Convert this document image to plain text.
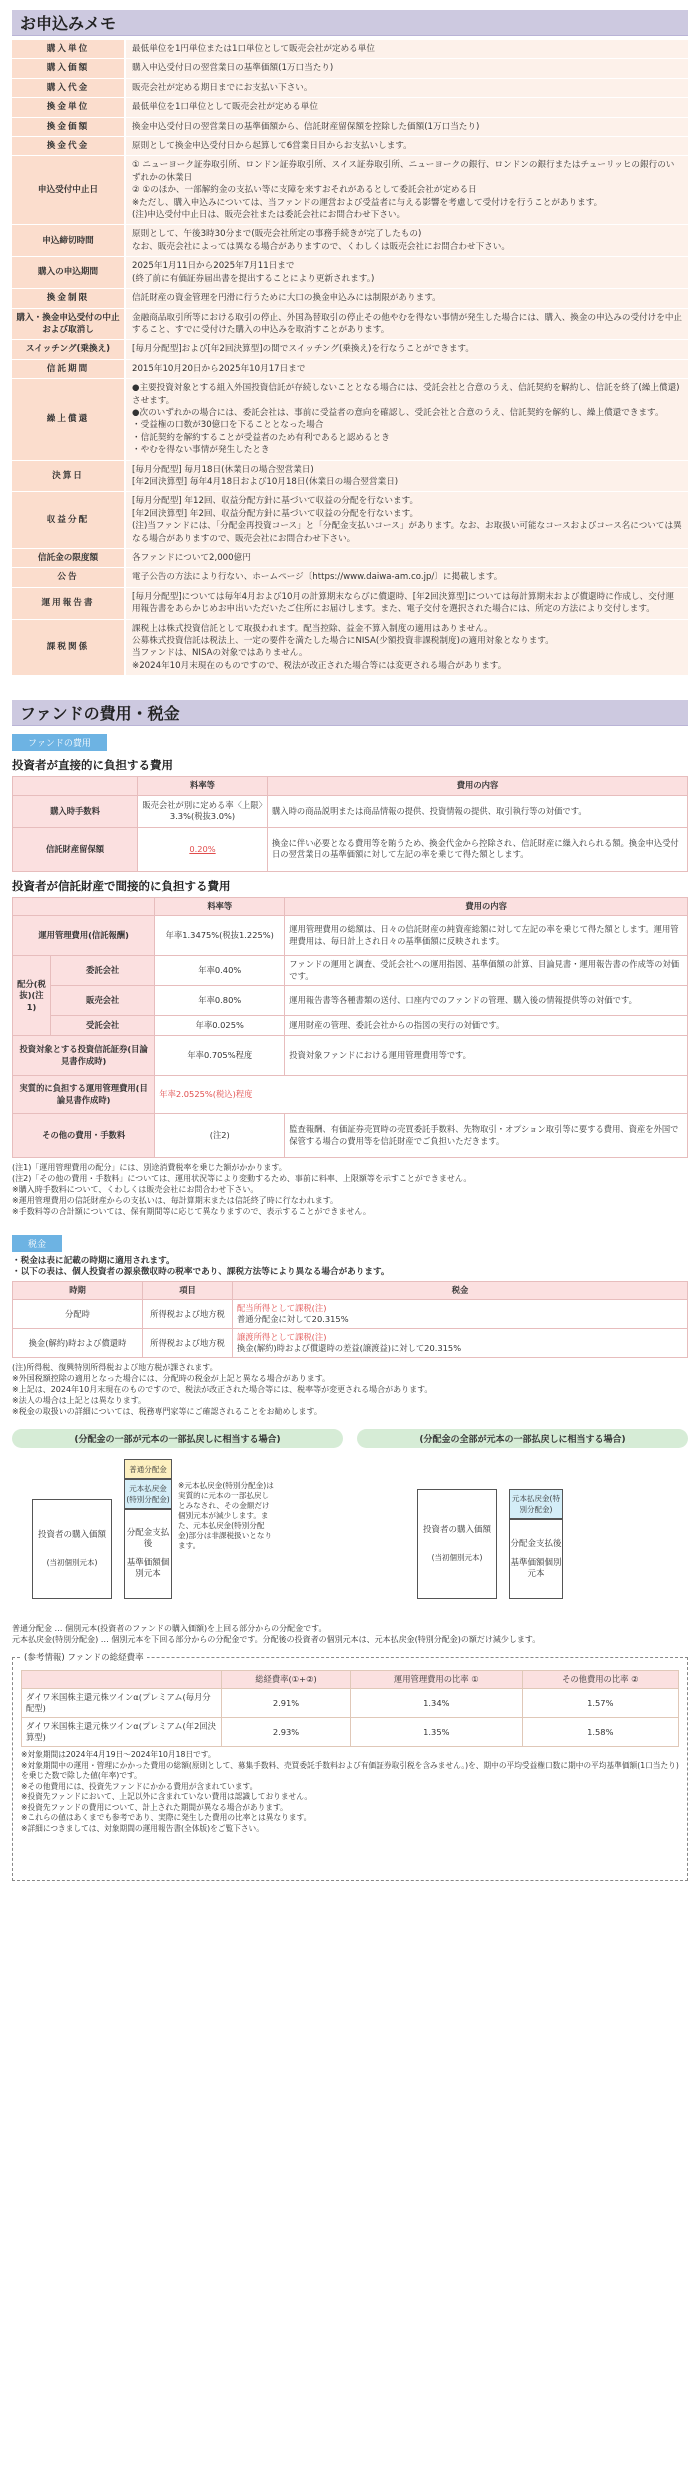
お申込みメモ
購入単位	最低単位を1円単位または1口単位として販売会社が定める単位
購入価額	購入申込受付日の翌営業日の基準価額(1万口当たり)
購入代金	販売会社が定める期日までにお支払い下さい。
換金単位	最低単位を1口単位として販売会社が定める単位
換金価額	換金申込受付日の翌営業日の基準価額から、信託財産留保額を控除した価額(1万口当たり)
換金代金	原則として換金申込受付日から起算して6営業日目からお支払いします。
申込受付中止日	① ニューヨーク証券取引所、ロンドン証券取引所、スイス証券取引所、ニューヨークの銀行、ロンドンの銀行またはチューリッヒの銀行のいずれかの休業日
② ①のほか、一部解約金の支払い等に支障を来すおそれがあるとして委託会社が定める日
※ただし、購入申込みについては、当ファンドの運営および受益者に与える影響を考慮して受付けを行うことがあります。
(注)申込受付中止日は、販売会社または委託会社にお問合わせ下さい。
申込締切時間	原則として、午後3時30分まで(販売会社所定の事務手続きが完了したもの)
なお、販売会社によっては異なる場合がありますので、くわしくは販売会社にお問合わせ下さい。
購入の申込期間	2025年1月11日から2025年7月11日まで
(終了前に有価証券届出書を提出することにより更新されます。)
換金制限	信託財産の資金管理を円滑に行うために大口の換金申込みには制限があります。
購入・換金申込受付の中止および取消し	金融商品取引所等における取引の停止、外国為替取引の停止その他やむを得ない事情が発生した場合には、購入、換金の申込みの受付けを中止すること、すでに受付けた購入の申込みを取消すことがあります。
スイッチング(乗換え)	[毎月分配型]および[年2回決算型]の間でスイッチング(乗換え)を行なうことができます。
信託期間	2015年10月20日から2025年10月17日まで
繰上償還	●主要投資対象とする組入外国投資信託が存続しないこととなる場合には、受託会社と合意のうえ、信託契約を解約し、信託を終了(繰上償還)させます。
●次のいずれかの場合には、委託会社は、事前に受益者の意向を確認し、受託会社と合意のうえ、信託契約を解約し、繰上償還できます。
・受益権の口数が30億口を下ることとなった場合
・信託契約を解約することが受益者のため有利であると認めるとき
・やむを得ない事情が発生したとき
決算日	[毎月分配型] 毎月18日(休業日の場合翌営業日)
[年2回決算型] 毎年4月18日および10月18日(休業日の場合翌営業日)
収益分配	[毎月分配型] 年12回、収益分配方針に基づいて収益の分配を行ないます。
[年2回決算型] 年2回、収益分配方針に基づいて収益の分配を行ないます。
(注)当ファンドには、「分配金再投資コース」と「分配金支払いコース」があります。なお、お取扱い可能なコースおよびコース名については異なる場合がありますので、販売会社にお問合わせ下さい。
信託金の限度額	各ファンドについて2,000億円
公告	電子公告の方法により行ない、ホームページ〔https://www.daiwa-am.co.jp/〕に掲載します。
運用報告書	[毎月分配型]については毎年4月および10月の計算期末ならびに償還時、[年2回決算型]については毎計算期末および償還時に作成し、交付運用報告書をあらかじめお申出いただいたご住所にお届けします。また、電子交付を選択された場合には、所定の方法により交付します。
課税関係	課税上は株式投資信託として取扱われます。配当控除、益金不算入制度の適用はありません。
公募株式投資信託は税法上、一定の要件を満たした場合にNISA(少額投資非課税制度)の適用対象となります。
当ファンドは、NISAの対象ではありません。
※2024年10月末現在のものですので、税法が改正された場合等には変更される場合があります。
ファンドの費用・税金
ファンドの費用
投資者が直接的に負担する費用
	料率等	費用の内容
購入時手数料	販売会社が別に定める率〈上限〉3.3%(税抜3.0%)	購入時の商品説明または商品情報の提供、投資情報の提供、取引執行等の対価です。
信託財産留保額	0.20%	換金に伴い必要となる費用等を賄うため、換金代金から控除され、信託財産に繰入れられる額。換金申込受付日の翌営業日の基準価額に対して左記の率を乗じて得た額とします。
投資者が信託財産で間接的に負担する費用
		料率等	費用の内容
運用管理費用(信託報酬)		年率1.3475%(税抜1.225%)	運用管理費用の総額は、日々の信託財産の純資産総額に対して左記の率を乗じて得た額とします。運用管理費用は、毎日計上され日々の基準価額に反映されます。
配分(税抜)(注1)	委託会社	年率0.40%	ファンドの運用と調査、受託会社への運用指図、基準価額の計算、目論見書・運用報告書の作成等の対価です。
	販売会社	年率0.80%	運用報告書等各種書類の送付、口座内でのファンドの管理、購入後の情報提供等の対価です。
	受託会社	年率0.025%	運用財産の管理、委託会社からの指図の実行の対価です。
投資対象とする投資信託証券(目論見書作成時)		年率0.705%程度	投資対象ファンドにおける運用管理費用等です。
実質的に負担する運用管理費用(目論見書作成時)		年率2.0525%(税込)程度	
その他の費用・手数料		(注2)	監査報酬、有価証券売買時の売買委託手数料、先物取引・オプション取引等に要する費用、資産を外国で保管する場合の費用等を信託財産でご負担いただきます。
(注1)「運用管理費用の配分」には、別途消費税率を乗じた額がかかります。
(注2)「その他の費用・手数料」については、運用状況等により変動するため、事前に料率、上限額等を示すことができません。
※購入時手数料について、くわしくは販売会社にお問合わせ下さい。
※運用管理費用の信託財産からの支払いは、毎計算期末または信託終了時に行なわれます。
※手数料等の合計額については、保有期間等に応じて異なりますので、表示することができません。
税金
・税金は表に記載の時期に適用されます。
・以下の表は、個人投資者の源泉徴収時の税率であり、課税方法等により異なる場合があります。
時期	項目	税金
分配時	所得税および地方税	配当所得として課税(注)
普通分配金に対して20.315%

換金(解約)時および償還時	所得税および地方税	譲渡所得として課税(注)
換金(解約)時および償還時の差益(譲渡益)に対して20.315%
(注)所得税、復興特別所得税および地方税が課されます。
※外国税額控除の適用となった場合には、分配時の税金が上記と異なる場合があります。
※上記は、2024年10月末現在のものですので、税法が改正された場合等には、税率等が変更される場合があります。
※法人の場合は上記とは異なります。
※税金の取扱いの詳細については、税務専門家等にご確認されることをお勧めします。
(分配金の一部が元本の一部払戻しに相当する場合)
投資者の購入価額
(当初個別元本)
普通分配金
元本払戻金(特別分配金)
分配金支払後
基準価額個別元本
※元本払戻金(特別分配金)は実質的に元本の一部払戻しとみなされ、その金額だけ個別元本が減少します。また、元本払戻金(特別分配金)部分は非課税扱いとなります。
(分配金の全部が元本の一部払戻しに相当する場合)
投資者の購入価額
(当初個別元本)
元本払戻金(特別分配金)
分配金支払後
基準価額個別元本
普通分配金 … 個別元本(投資者のファンドの購入価額)を上回る部分からの分配金です。
元本払戻金(特別分配金) … 個別元本を下回る部分からの分配金です。分配後の投資者の個別元本は、元本払戻金(特別分配金)の額だけ減少します。
(参考情報) ファンドの総経費率
	総経費率(①+②)	運用管理費用の比率 ①	その他費用の比率 ②
ダイワ米国株主還元株ツインα(プレミアム(毎月分配型)	2.91%	1.34%	1.57%
ダイワ米国株主還元株ツインα(プレミアム(年2回決算型)	2.93%	1.35%	1.58%
※対象期間は2024年4月19日～2024年10月18日です。
※対象期間中の運用・管理にかかった費用の総額(原則として、募集手数料、売買委託手数料および有価証券取引税を含みません。)を、期中の平均受益権口数に期中の平均基準価額(1口当たり)を乗じた数で除した値(年率)です。
※その他費用には、投資先ファンドにかかる費用が含まれています。
※投資先ファンドにおいて、上記以外に含まれていない費用は認識しておりません。
※投資先ファンドの費用について、計上された期間が異なる場合があります。
※これらの値はあくまでも参考であり、実際に発生した費用の比率とは異なります。
※詳細につきましては、対象期間の運用報告書(全体版)をご覧下さい。
